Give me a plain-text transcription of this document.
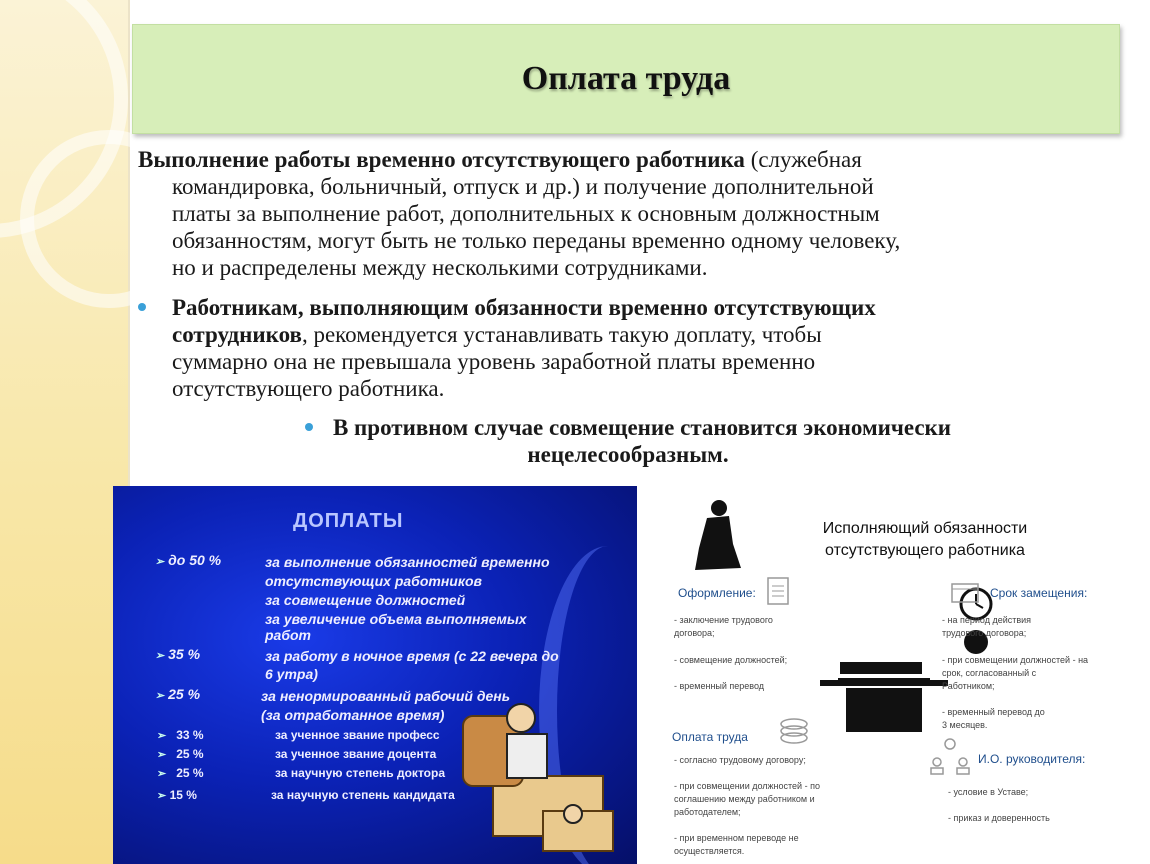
Оплата труда
Выполнение работы временно отсутствующего работника (служебная
командировка, больничный, отпуск и др.) и получение дополнительной
платы за выполнение работ, дополнительных к основным должностным
обязанностям, могут быть не только переданы временно одному человеку,
но и распределены между несколькими сотрудниками.
Работникам, выполняющим обязанности временно отсутствующих
сотрудников, рекомендуется устанавливать такую доплату, чтобы
суммарно она не превышала уровень заработной платы временно
отсутствующего работника.
В противном случае совмещение становится экономически
нецелесообразным.
ДОПЛАТЫ
➢ до 50 %	за выполнение обязанностей временно
отсутствующих работников
за совмещение должностей
за увеличение объема выполняемых
работ
➢ 35 %	за работу в ночное время (с 22 вечера до
6 утра)
➢ 25 %	за ненормированный рабочий день
(за отработанное время)
➢ 33 %	за ученное звание професс
➢ 25 %	за ученное звание доцента
➢ 25 %	за научную степень доктора
➢ 15 %	за научную степень кандидата
Исполняющий обязанности
отсутствующего работника
Оформление:
- заключение трудового
договора;
- совмещение должностей;
- временный перевод
Срок замещения:
- на период действия
трудового договора;
- при совмещении должностей - на
срок, согласованный с
Работником;
- временный перевод до
3 месяцев.
Оплата труда
- согласно трудовому договору;
- при совмещении должностей - по
соглашению между работником и
работодателем;
- при временном переводе не
осуществляется.
И.О. руководителя:
- условие в Уставе;
- приказ и доверенность
